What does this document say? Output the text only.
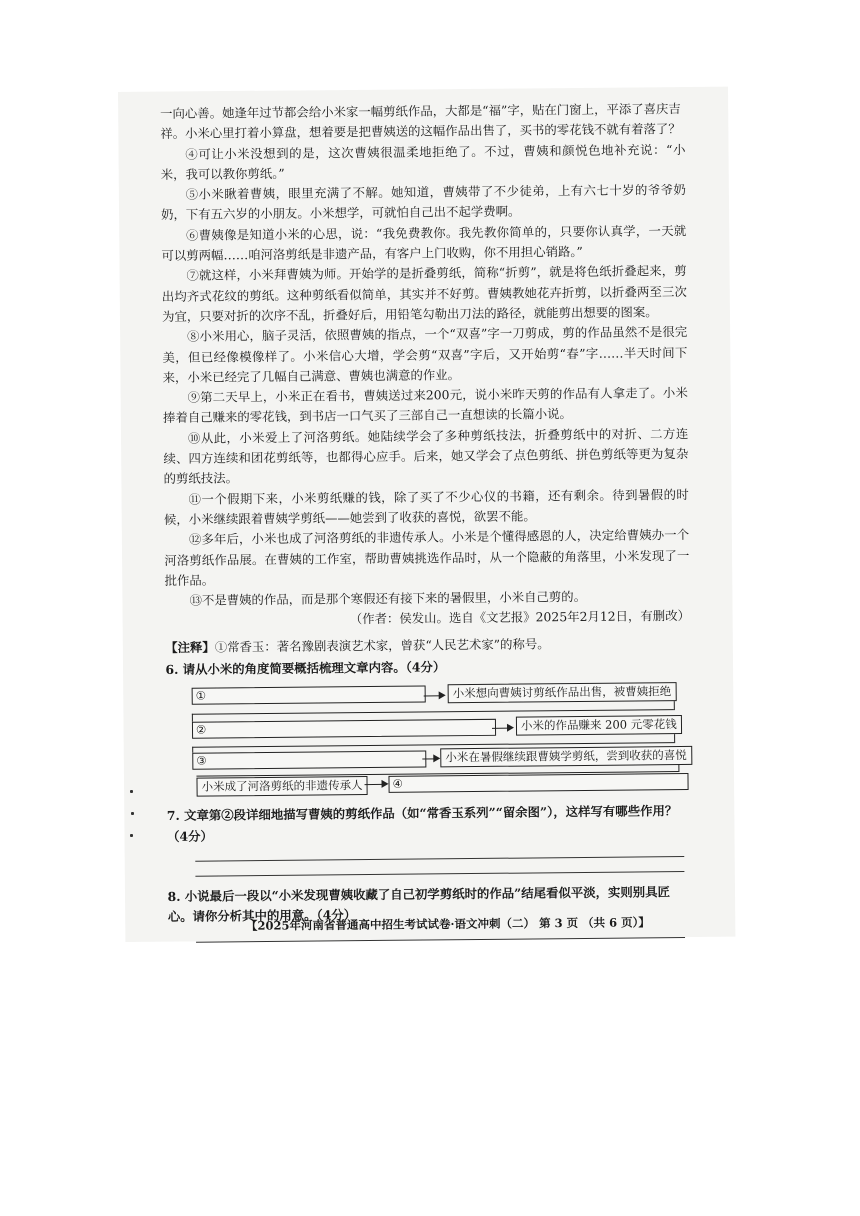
一向心善。她逢年过节都会给小米家一幅剪纸作品，大都是“福”字，贴在门窗上，平添了喜庆吉

祥。小米心里打着小算盘，想着要是把曹姨送的这幅作品出售了，买书的零花钱不就有着落了？

④可让小米没想到的是，这次曹姨很温柔地拒绝了。不过，曹姨和颜悦色地补充说：“小米，我可以教你剪纸。”

⑤小米瞅着曹姨，眼里充满了不解。她知道，曹姨带了不少徒弟，上有六七十岁的爷爷奶奶，下有五六岁的小朋友。小米想学，可就怕自己出不起学费啊。

⑥曹姨像是知道小米的心思，说：“我免费教你。我先教你简单的，只要你认真学，一天就可以剪两幅……咱河洛剪纸是非遗产品，有客户上门收购，你不用担心销路。”

⑦就这样，小米拜曹姨为师。开始学的是折叠剪纸，简称“折剪”，就是将色纸折叠起来，剪出均齐式花纹的剪纸。这种剪纸看似简单，其实并不好剪。曹姨教她花卉折剪，以折叠两至三次为宜，只要对折的次序不乱，折叠好后，用铅笔勾勒出刀法的路径，就能剪出想要的图案。

⑧小米用心，脑子灵活，依照曹姨的指点，一个“双喜”字一刀剪成，剪的作品虽然不是很完美，但已经像模像样了。小米信心大增，学会剪“双喜”字后，又开始剪“春”字……半天时间下来，小米已经完了几幅自己满意、曹姨也满意的作业。

⑨第二天早上，小米正在看书，曹姨送过来200元，说小米昨天剪的作品有人拿走了。小米捧着自己赚来的零花钱，到书店一口气买了三部自己一直想读的长篇小说。

⑩从此，小米爱上了河洛剪纸。她陆续学会了多种剪纸技法，折叠剪纸中的对折、二方连续、四方连续和团花剪纸等，也都得心应手。后来，她又学会了点色剪纸、拼色剪纸等更为复杂的剪纸技法。

⑪一个假期下来，小米剪纸赚的钱，除了买了不少心仪的书籍，还有剩余。待到暑假的时候，小米继续跟着曹姨学剪纸——她尝到了收获的喜悦，欲罢不能。

⑫多年后，小米也成了河洛剪纸的非遗传承人。小米是个懂得感恩的人，决定给曹姨办一个河洛剪纸作品展。在曹姨的工作室，帮助曹姨挑选作品时，从一个隐蔽的角落里，小米发现了一批作品。

⑬不是曹姨的作品，而是那个寒假还有接下来的暑假里，小米自己剪的。

（作者：侯发山。选自《文艺报》2025年2月12日，有删改）

【注释】①常香玉：著名豫剧表演艺术家，曾获“人民艺术家”的称号。

6. 请从小米的角度简要概括梳理文章内容。（4分）

①	小米想向曹姨讨剪纸作品出售，被曹姨拒绝
②	小米的作品赚来 200 元零花钱
③	小米在暑假继续跟曹姨学剪纸，尝到收获的喜悦
小米成了河洛剪纸的非遗传承人	④

7. 文章第②段详细地描写曹姨的剪纸作品（如“常香玉系列”“留余图”），这样写有哪些作用？（4分）

8. 小说最后一段以“小米发现曹姨收藏了自己初学剪纸时的作品”结尾看似平淡，实则别具匠心。请你分析其中的用意。（4分）

【2025年河南省普通高中招生考试试卷·语文冲刺（二） 第 3 页 （共 6 页）】
